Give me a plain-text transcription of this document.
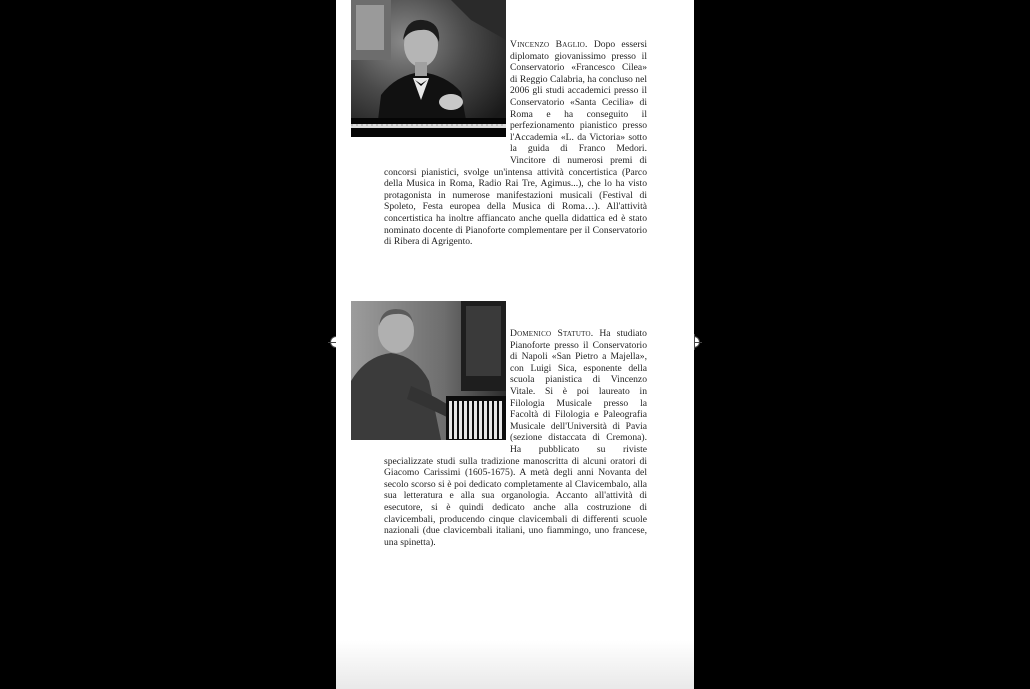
Vincenzo Baglio. Dopo essersi diplomato giovanissimo presso il Conservatorio «Francesco Cilea» di Reggio Calabria, ha concluso nel 2006 gli studi accademici presso il Conservatorio «Santa Cecilia» di Roma e ha conseguito il perfezionamento pianistico presso l'Accademia «L. da Victoria» sotto la guida di Franco Medori. Vincitore di numerosi premi di concorsi pianistici, svolge un'intensa attività concertistica (Parco della Musica in Roma, Radio Rai Tre, Agimus...), che lo ha visto protagonista in numerose manifestazioni musicali (Festival di Spoleto, Festa europea della Musica di Roma…). All'attività concertistica ha inoltre affiancato anche quella didattica ed è stato nominato docente di Pianoforte complementare per il Conservatorio di Ribera di Agrigento.
Domenico Statuto. Ha studiato Pianoforte presso il Conservatorio di Napoli «San Pietro a Majella», con Luigi Sica, esponente della scuola pianistica di Vincenzo Vitale. Si è poi laureato in Filologia Musicale presso la Facoltà di Filologia e Paleografia Musicale dell'Università di Pavia (sezione distaccata di Cremona). Ha pubblicato su riviste specializzate studi sulla tradizione manoscritta di alcuni oratori di Giacomo Carissimi (1605-1675). A metà degli anni Novanta del secolo scorso si è poi dedicato completamente al Clavicembalo, alla sua letteratura e alla sua organologia. Accanto all'attività di esecutore, si è quindi dedicato anche alla costruzione di clavicembali, producendo cinque clavicembali di differenti scuole nazionali (due clavicembali italiani, uno fiammingo, uno francese, una spinetta).
